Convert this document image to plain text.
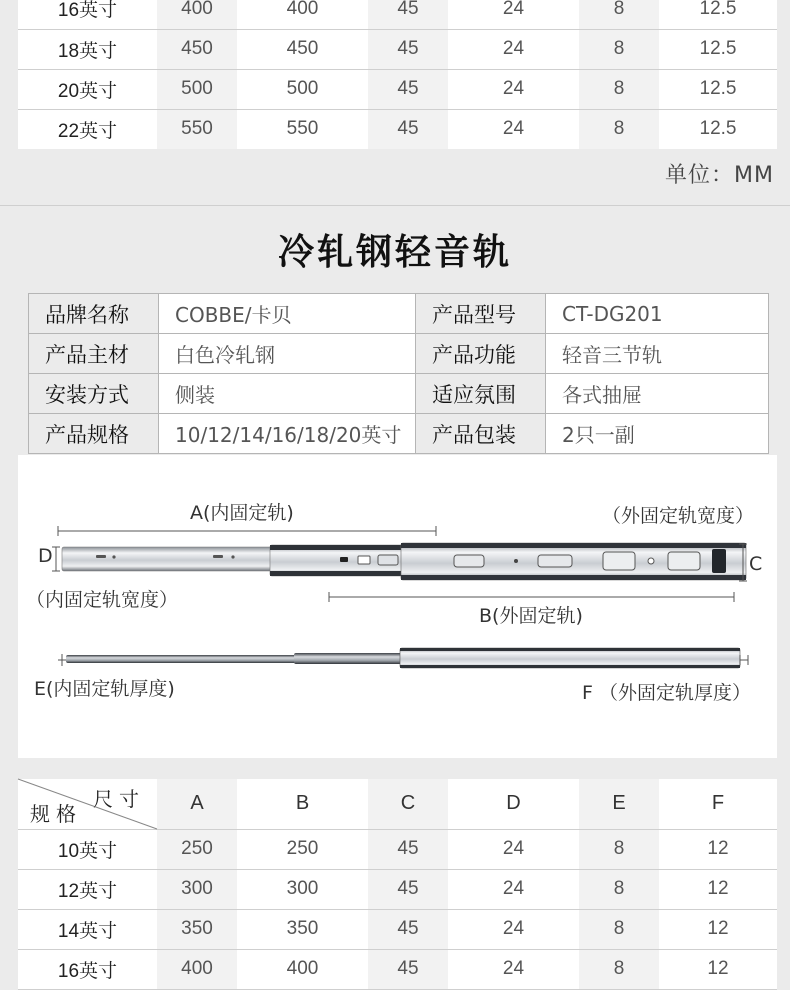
16英寸	400	400	45	24	8	12.5
18英寸	450	450	45	24	8	12.5
20英寸	500	500	45	24	8	12.5
22英寸	550	550	45	24	8	12.5
单位：MM
冷轧钢轻音轨
品牌名称	COBBE/卡贝	产品型号	CT-DG201
产品主材	白色冷轧钢	产品功能	轻音三节轨
安装方式	侧装	适应氛围	各式抽屉
产品规格	10/12/14/16/18/20英寸	产品包装	2只一副
A(内固定轨)	（外固定轨宽度）
D	C
（内固定轨宽度）
B(外固定轨)
E(内固定轨厚度)	F （外固定轨厚度）
尺寸
规格	A	B	C	D	E	F
10英寸	250	250	45	24	8	12
12英寸	300	300	45	24	8	12
14英寸	350	350	45	24	8	12
16英寸	400	400	45	24	8	12
